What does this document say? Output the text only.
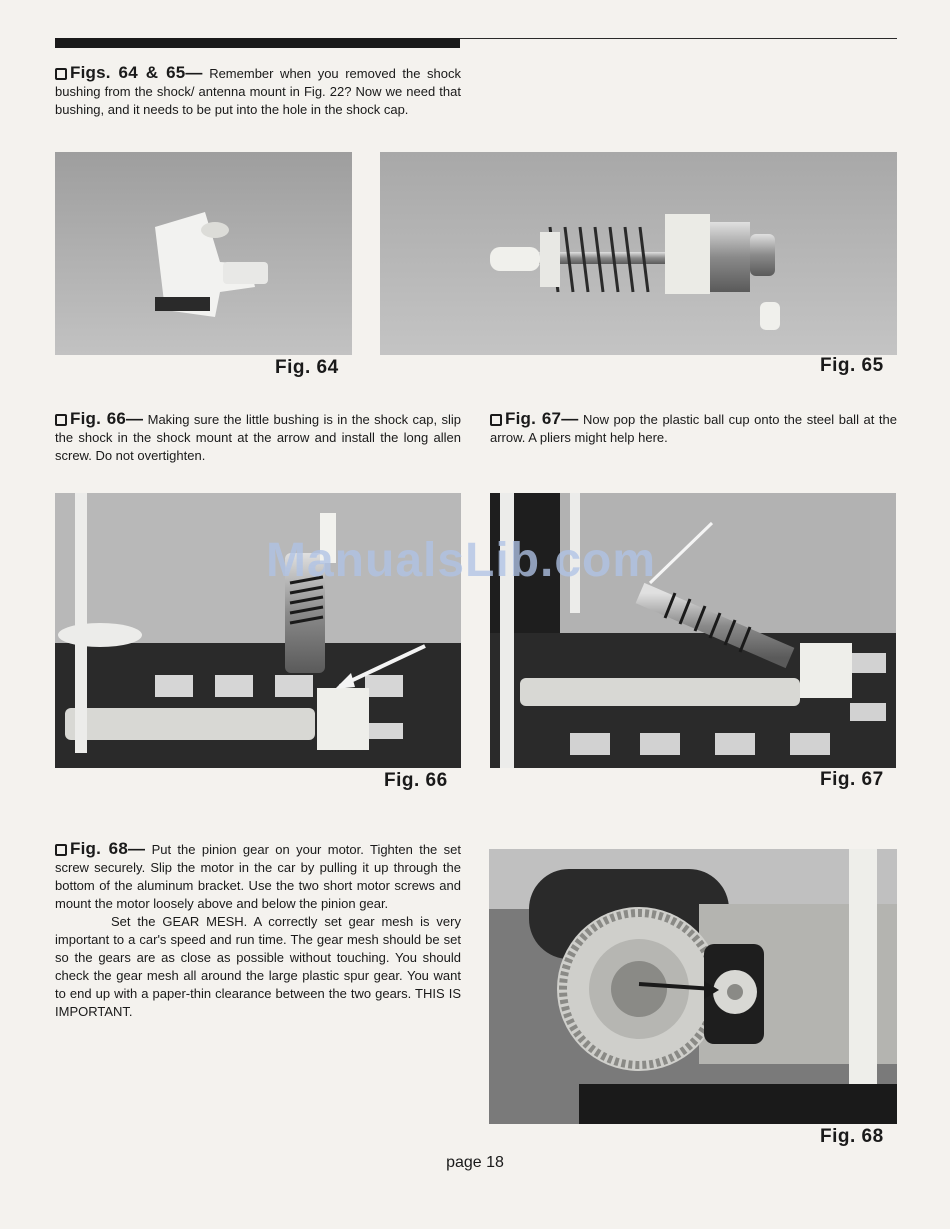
Figs. 64 & 65— Remember when you removed the shock bushing from the shock/ antenna mount in Fig. 22? Now we need that bushing, and it needs to be put into the hole in the shock cap.

Fig. 64	Fig. 65

Fig. 66— Making sure the little bushing is in the shock cap, slip the shock in the shock mount at the arrow and install the long allen screw. Do not overtighten.

Fig. 67— Now pop the plastic ball cup onto the steel ball at the arrow. A pliers might help here.

Fig. 66	Fig. 67
ManualsLib.com
Fig. 68— Put the pinion gear on your motor. Tighten the set screw securely. Slip the motor in the car by pulling it up through the bottom of the aluminum bracket. Use the two short motor screws and mount the motor loosely above and below the pinion gear.
Set the GEAR MESH. A correctly set gear mesh is very important to a car's speed and run time. The gear mesh should be set so the gears are as close as possible without touching. You should check the gear mesh all around the large plastic spur gear. You want to end up with a paper-thin clearance between the two gears. THIS IS IMPORTANT.
Fig. 68
page 18
